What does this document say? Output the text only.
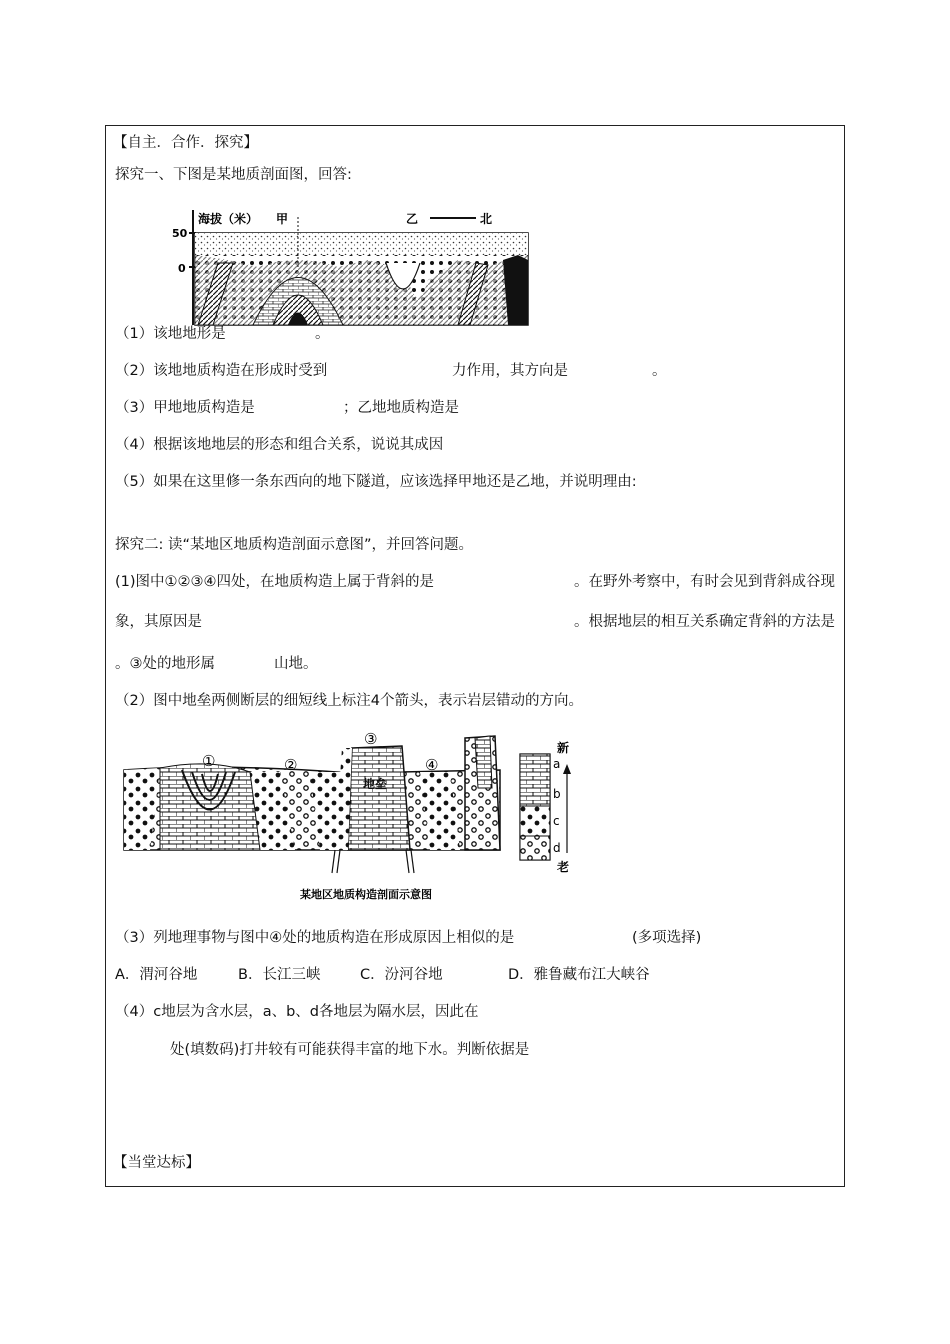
【自主．合作．探究】
探究一、下图是某地质剖面图，回答:
50
0
海拔（米） 甲	乙	北
（1）该地地形是	。
（2）该地地质构造在形成时受到	力作用，其方向是	。
（3）甲地地质构造是	；乙地地质构造是
（4）根据该地地层的形态和组合关系，说说其成因
（5）如果在这里修一条东西向的地下隧道，应该选择甲地还是乙地，并说明理由:
探究二: 读“某地区地质构造剖面示意图”，并回答问题。
(1)图中①②③④四处，在地质构造上属于背斜的是	。在野外考察中，有时会见到背斜成谷现
象，其原因是	。根据地层的相互关系确定背斜的方法是
。③处的地形属	山地。
（2）图中地垒两侧断层的细短线上标注4个箭头，表示岩层错动的方向。
①	②
③
④
地垒
新
老
a
b
c
d
某地区地质构造剖面示意图
（3）列地理事物与图中④处的地质构造在形成原因上相似的是	(多项选择)
A．渭河谷地	B．长江三峡	C．汾河谷地	D．雅鲁藏布江大峡谷
（4）c地层为含水层，a、b、d各地层为隔水层，因此在
处(填数码)打井较有可能获得丰富的地下水。判断依据是
【当堂达标】
